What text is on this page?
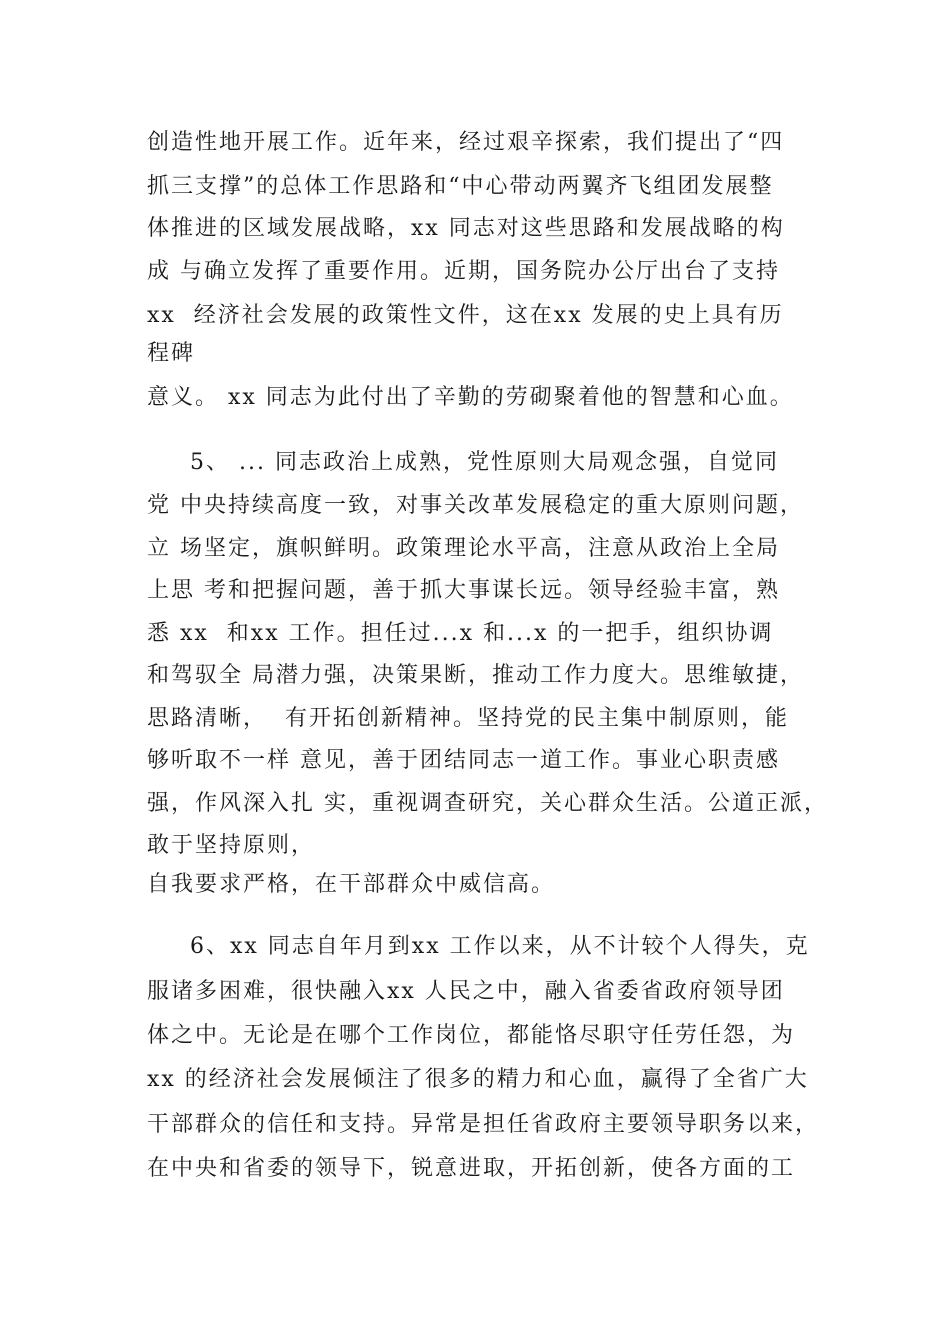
创造性地开展工作。近年来，经过艰辛探索，我们提出了“四

抓三支撑”的总体工作思路和“中心带动两翼齐飞组团发展整

体推进的区域发展战略，xx 同志对这些思路和发展战略的构

成 与确立发挥了重要作用。近期，国务院办公厅出台了支持

xx  经济社会发展的政策性文件，这在xx 发展的史上具有历

程碑

意义。 xx 同志为此付出了辛勤的劳砌聚着他的智慧和心血。

5、 ... 同志政治上成熟，党性原则大局观念强，自觉同

党 中央持续高度一致，对事关改革发展稳定的重大原则问题，

立 场坚定，旗帜鲜明。政策理论水平高，注意从政治上全局

上思 考和把握问题，善于抓大事谋长远。领导经验丰富，熟

悉 xx  和xx 工作。担任过...x 和...x 的一把手，组织协调

和驾驭全 局潜力强，决策果断，推动工作力度大。思维敏捷，

思路清晰，  有开拓创新精神。坚持党的民主集中制原则，能

够听取不一样 意见，善于团结同志一道工作。事业心职责感

强，作风深入扎 实，重视调查研究，关心群众生活。公道正派，

敢于坚持原则，

自我要求严格，在干部群众中威信高。

6、xx 同志自年月到xx 工作以来，从不计较个人得失，克

服诸多困难，很快融入xx 人民之中，融入省委省政府领导团

体之中。无论是在哪个工作岗位，都能恪尽职守任劳任怨，为

xx 的经济社会发展倾注了很多的精力和心血，赢得了全省广大

干部群众的信任和支持。异常是担任省政府主要领导职务以来，

在中央和省委的领导下，锐意进取，开拓创新，使各方面的工
